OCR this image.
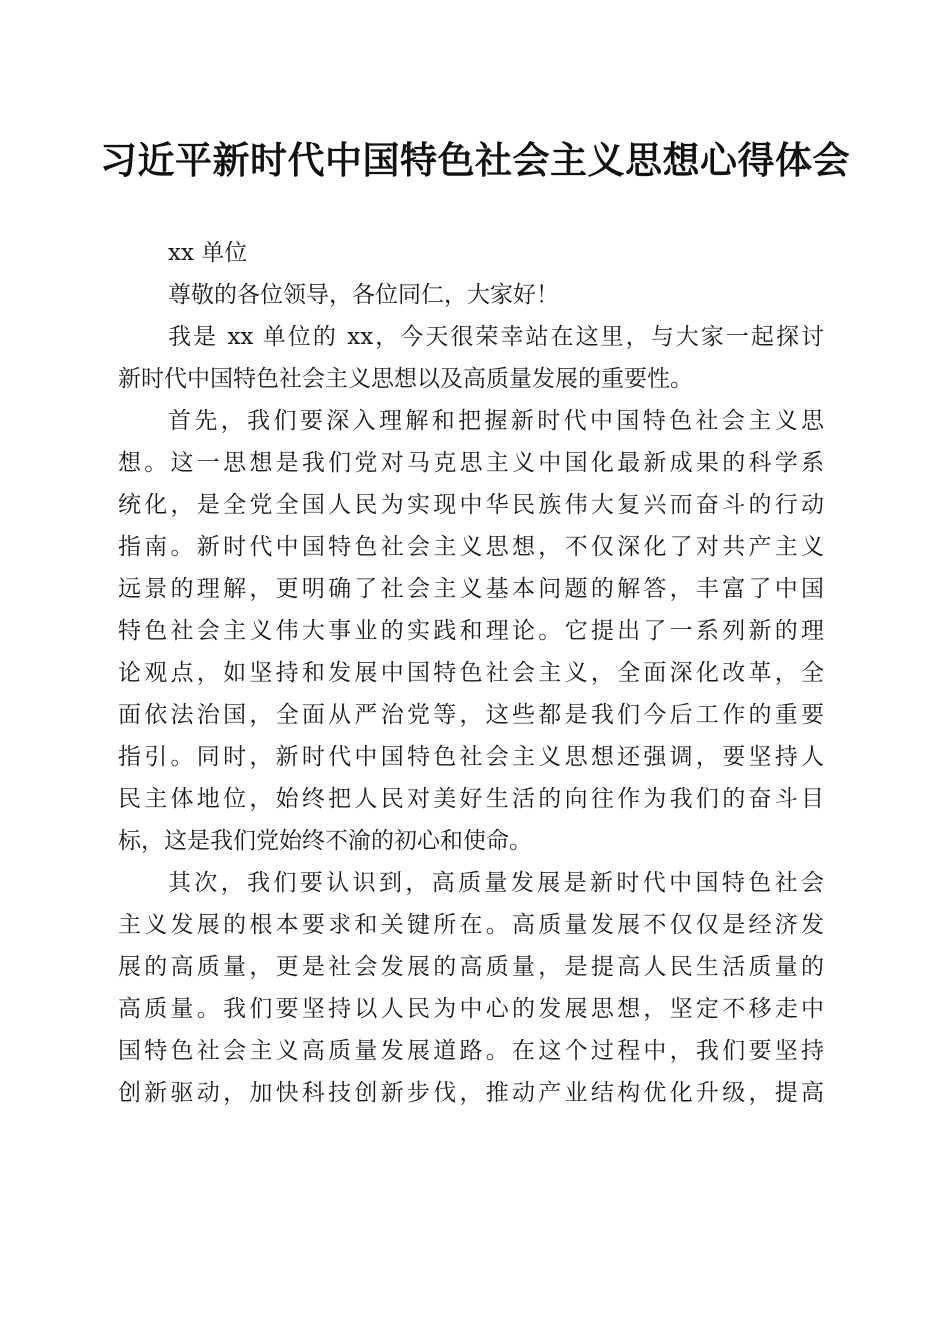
习近平新时代中国特色社会主义思想心得体会
xx 单位
尊敬的各位领导，各位同仁，大家好！
我是 xx 单位的 xx，今天很荣幸站在这里，与大家一起探讨
新时代中国特色社会主义思想以及高质量发展的重要性。
首先，我们要深入理解和把握新时代中国特色社会主义思
想。这一思想是我们党对马克思主义中国化最新成果的科学系
统化，是全党全国人民为实现中华民族伟大复兴而奋斗的行动
指南。新时代中国特色社会主义思想，不仅深化了对共产主义
远景的理解，更明确了社会主义基本问题的解答，丰富了中国
特色社会主义伟大事业的实践和理论。它提出了一系列新的理
论观点，如坚持和发展中国特色社会主义，全面深化改革，全
面依法治国，全面从严治党等，这些都是我们今后工作的重要
指引。同时，新时代中国特色社会主义思想还强调，要坚持人
民主体地位，始终把人民对美好生活的向往作为我们的奋斗目
标，这是我们党始终不渝的初心和使命。
其次，我们要认识到，高质量发展是新时代中国特色社会
主义发展的根本要求和关键所在。高质量发展不仅仅是经济发
展的高质量，更是社会发展的高质量，是提高人民生活质量的
高质量。我们要坚持以人民为中心的发展思想，坚定不移走中
国特色社会主义高质量发展道路。在这个过程中，我们要坚持
创新驱动，加快科技创新步伐，推动产业结构优化升级，提高
